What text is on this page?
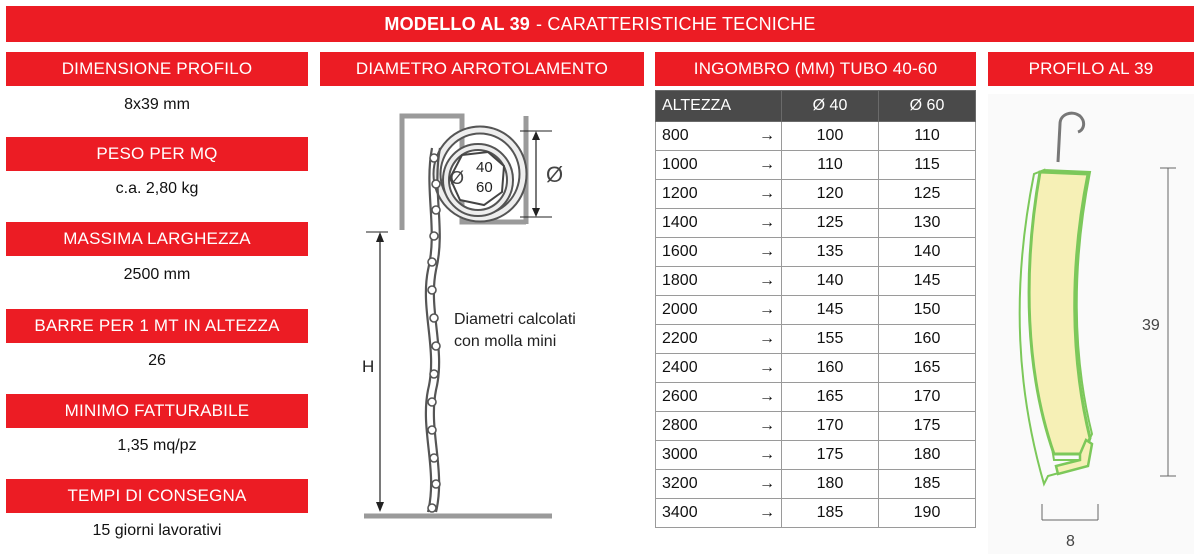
MODELLO AL 39 - CARATTERISTICHE TECNICHE
DIMENSIONE PROFILO
8x39 mm
PESO PER MQ
c.a. 2,80 kg
MASSIMA LARGHEZZA
2500 mm
BARRE PER 1 MT IN ALTEZZA
26
MINIMO FATTURABILE
1,35 mq/pz
TEMPI DI CONSEGNA
15 giorni lavorativi
DIAMETRO ARROTOLAMENTO	INGOMBRO (MM) TUBO 40-60	PROFILO AL 39
Ø
40
60
Ø
H
Diametri calcolati
con molla mini
ALTEZZA		Ø 40	Ø 60
800	→	100	110
1000	→	110	115
1200	→	120	125
1400	→	125	130
1600	→	135	140
1800	→	140	145
2000	→	145	150
2200	→	155	160
2400	→	160	165
2600	→	165	170
2800	→	170	175
3000	→	175	180
3200	→	180	185
3400	→	185	190
39
8
